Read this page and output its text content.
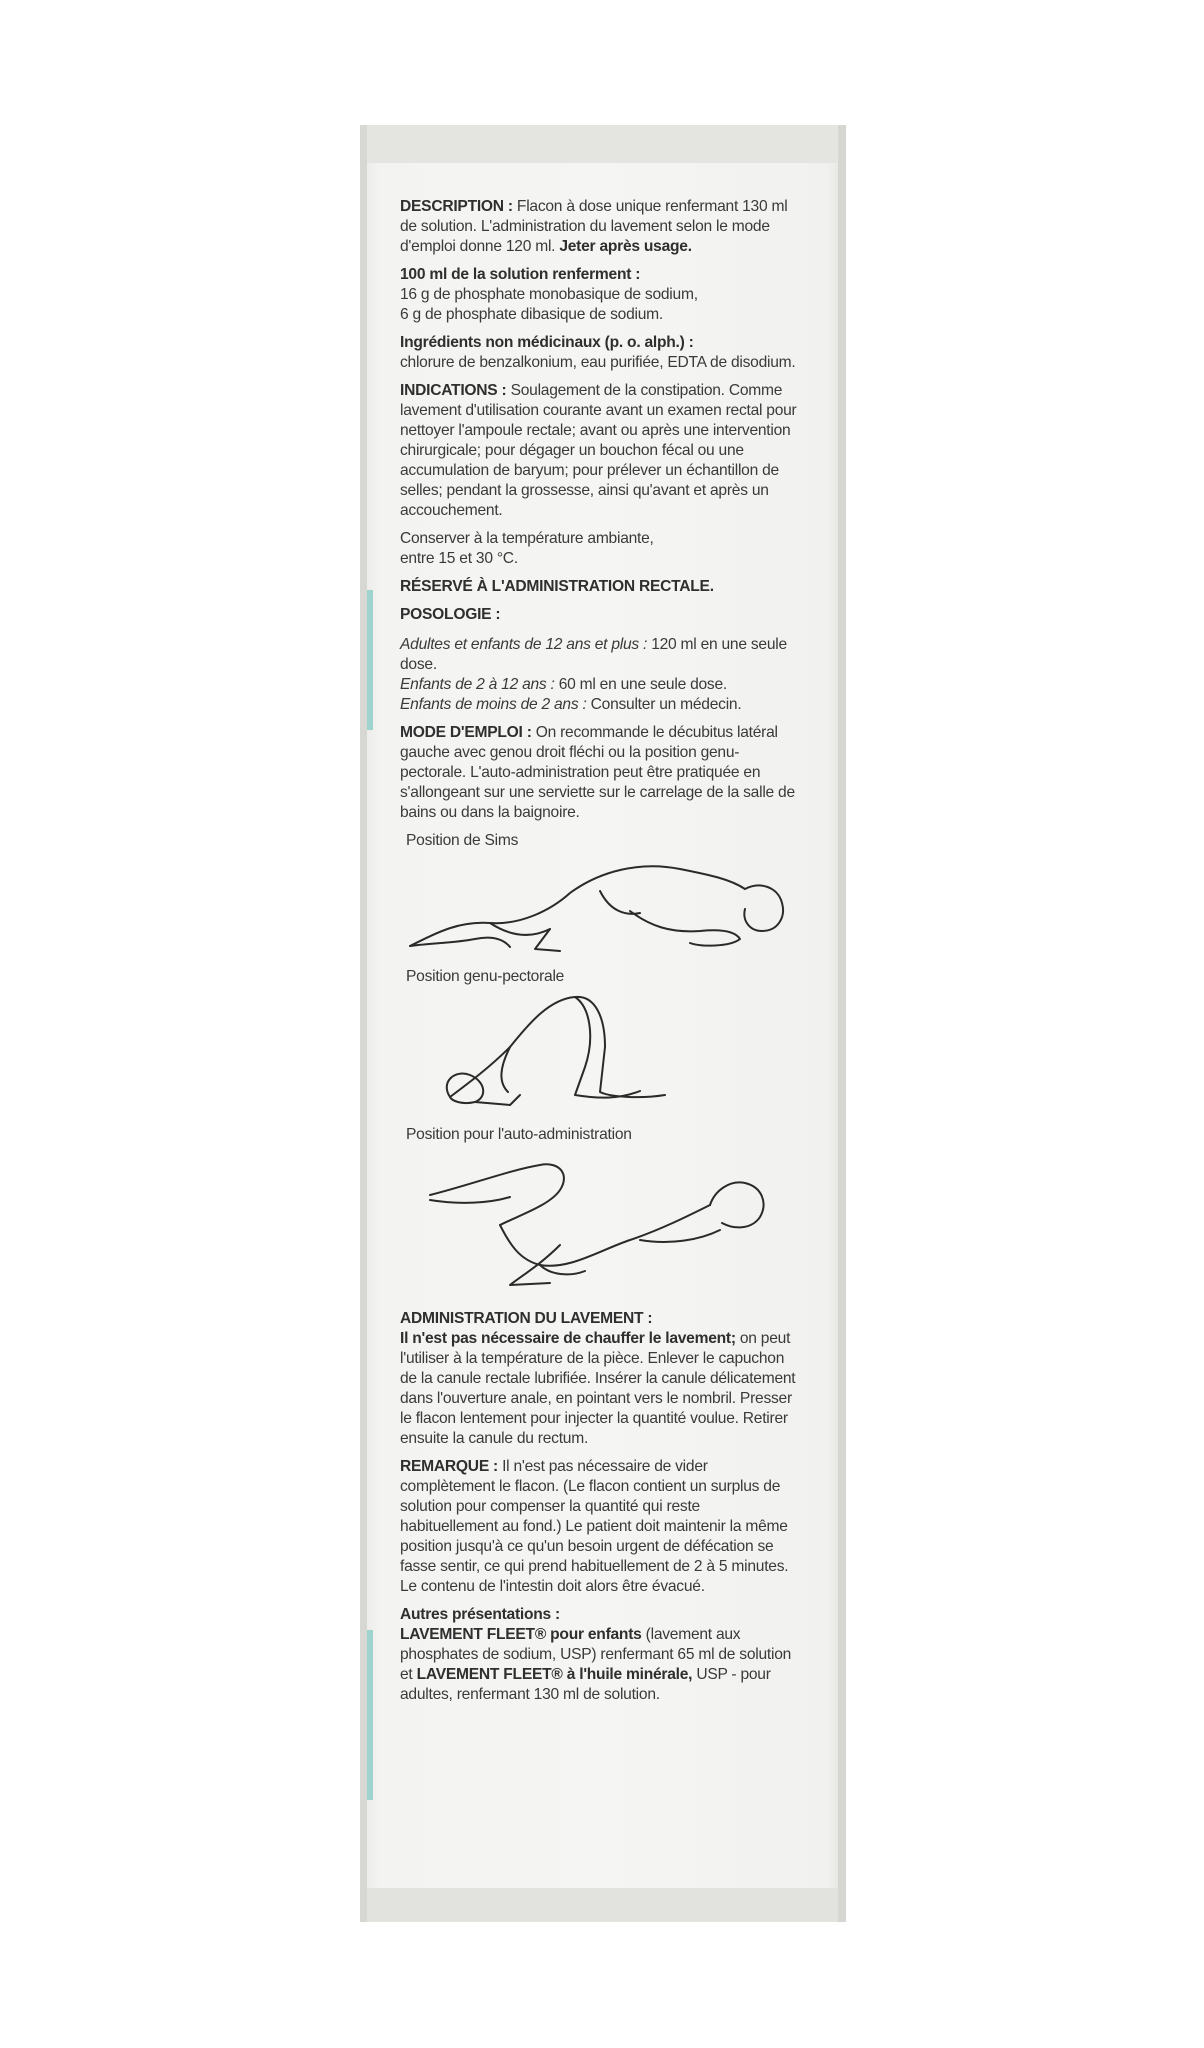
DESCRIPTION : Flacon à dose unique renfermant 130 ml de solution. L'administration du lavement selon le mode d'emploi donne 120 ml. Jeter après usage.

100 ml de la solution renferment :
16 g de phosphate monobasique de sodium,
6 g de phosphate dibasique de sodium.

Ingrédients non médicinaux (p. o. alph.) :
chlorure de benzalkonium, eau purifiée, EDTA de disodium.

INDICATIONS : Soulagement de la constipation. Comme lavement d'utilisation courante avant un examen rectal pour nettoyer l'ampoule rectale; avant ou après une intervention chirurgicale; pour dégager un bouchon fécal ou une accumulation de baryum; pour prélever un échantillon de selles; pendant la grossesse, ainsi qu'avant et après un accouchement.

Conserver à la température ambiante,
entre 15 et 30 °C.

RÉSERVÉ À L'ADMINISTRATION RECTALE.

POSOLOGIE :

Adultes et enfants de 12 ans et plus : 120 ml en une seule dose.
Enfants de 2 à 12 ans : 60 ml en une seule dose.
Enfants de moins de 2 ans : Consulter un médecin.

MODE D'EMPLOI : On recommande le décubitus latéral gauche avec genou droit fléchi ou la position genu-pectorale. L'auto-administration peut être pratiquée en s'allongeant sur une serviette sur le carrelage de la salle de bains ou dans la baignoire.

Position de Sims

Position genu-pectorale

Position pour l'auto-administration

ADMINISTRATION DU LAVEMENT :
Il n'est pas nécessaire de chauffer le lavement; on peut l'utiliser à la température de la pièce. Enlever le capuchon de la canule rectale lubrifiée. Insérer la canule délicatement dans l'ouverture anale, en pointant vers le nombril. Presser le flacon lentement pour injecter la quantité voulue. Retirer ensuite la canule du rectum.

REMARQUE : Il n'est pas nécessaire de vider complètement le flacon. (Le flacon contient un surplus de solution pour compenser la quantité qui reste habituellement au fond.) Le patient doit maintenir la même position jusqu'à ce qu'un besoin urgent de défécation se fasse sentir, ce qui prend habituellement de 2 à 5 minutes. Le contenu de l'intestin doit alors être évacué.

Autres présentations :
LAVEMENT FLEET® pour enfants (lavement aux phosphates de sodium, USP) renfermant 65 ml de solution et LAVEMENT FLEET® à l'huile minérale, USP - pour adultes, renfermant 130 ml de solution.
